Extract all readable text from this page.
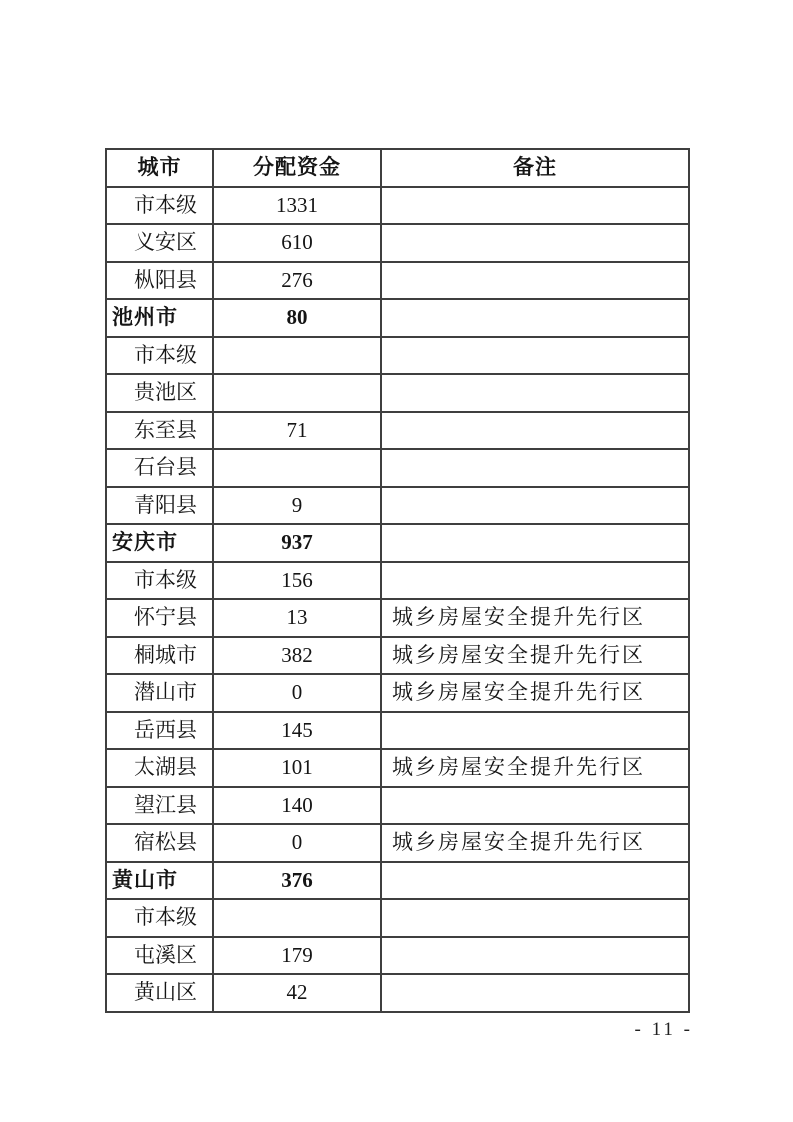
城市	分配资金	备注
市本级	1331	
义安区	610	
枞阳县	276	
池州市	80	
市本级		
贵池区		
东至县	71	
石台县		
青阳县	9	
安庆市	937	
市本级	156	
怀宁县	13	城乡房屋安全提升先行区
桐城市	382	城乡房屋安全提升先行区
潜山市	0	城乡房屋安全提升先行区
岳西县	145	
太湖县	101	城乡房屋安全提升先行区
望江县	140	
宿松县	0	城乡房屋安全提升先行区
黄山市	376	
市本级		
屯溪区	179	
黄山区	42	
- 11 -
